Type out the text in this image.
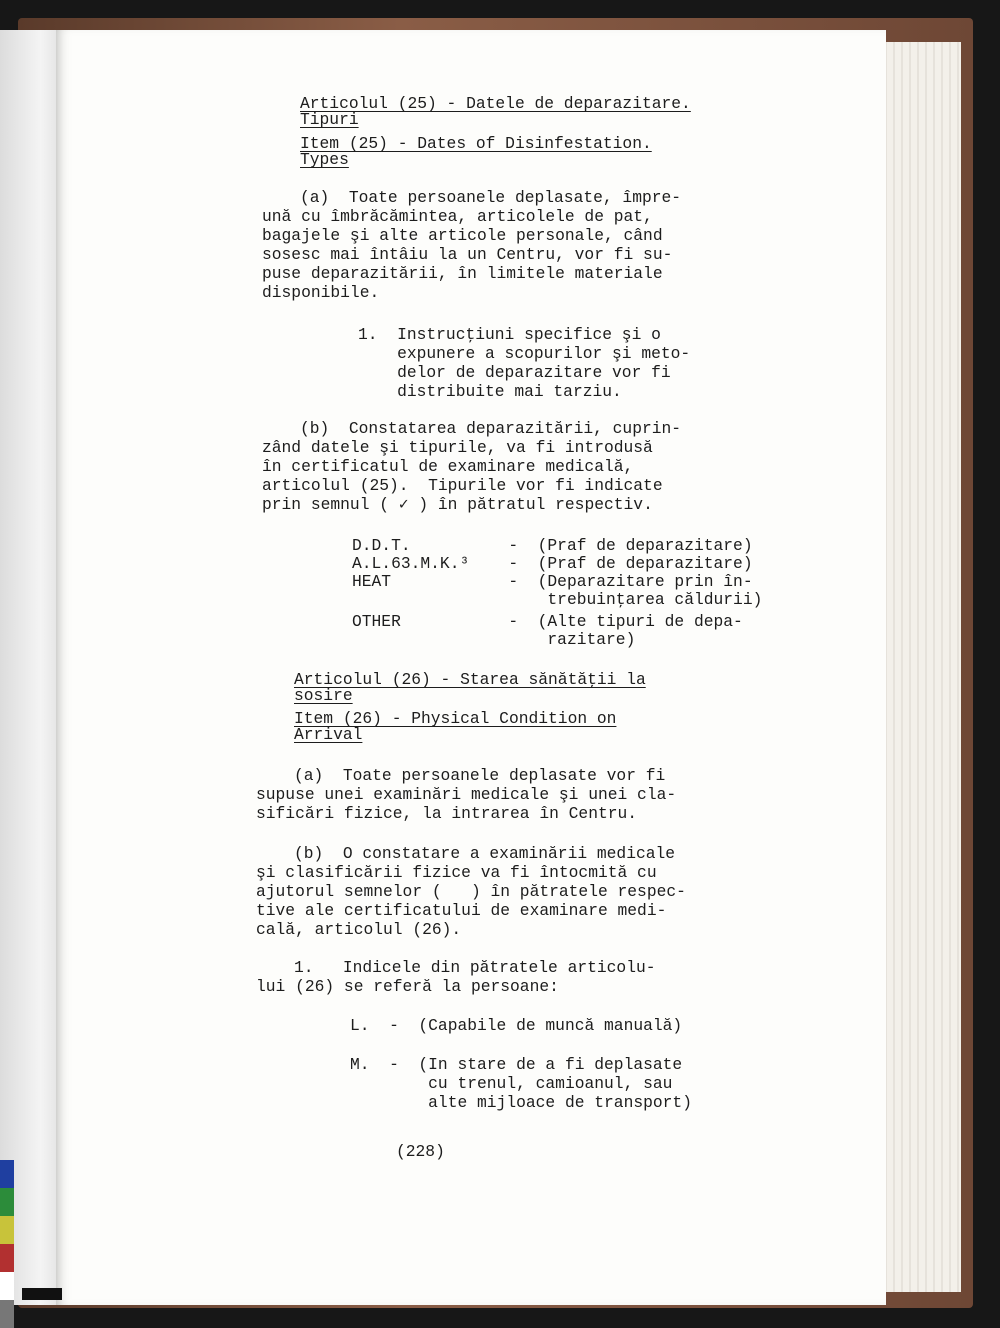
Articolul (25) - Datele de deparazitare.
Tipuri
Item (25) - Dates of Disinfestation.
Types
(a)  Toate persoanele deplasate, împre-
ună cu îmbrăcămintea, articolele de pat,
bagajele şi alte articole personale, când
sosesc mai întâiu la un Centru, vor fi su-
puse deparazitării, în limitele materiale
disponibile.
1.  Instrucţiuni specifice şi o
expunere a scopurilor şi meto-
delor de deparazitare vor fi
distribuite mai tarziu.
(b)  Constatarea deparazitării, cuprin-
zând datele şi tipurile, va fi introdusă
în certificatul de examinare medicală,
articolul (25).  Tipurile vor fi indicate
prin semnul ( ✓ ) în pătratul respectiv.
D.D.T.          -  (Praf de deparazitare)
A.L.63.M.K.³    -  (Praf de deparazitare)
HEAT            -  (Deparazitare prin în-
trebuinţarea căldurii)
OTHER           -  (Alte tipuri de depa-
razitare)
Articolul (26) - Starea sănătăţii la
sosire
Item (26) - Physical Condition on
Arrival
(a)  Toate persoanele deplasate vor fi
supuse unei examinări medicale şi unei cla-
sificări fizice, la intrarea în Centru.
(b)  O constatare a examinării medicale
şi clasificării fizice va fi întocmită cu
ajutorul semnelor (   ) în pătratele respec-
tive ale certificatului de examinare medi-
cală, articolul (26).
1.   Indicele din pătratele articolu-
lui (26) se referă la persoane:
L.  -  (Capabile de muncă manuală)
M.  -  (In stare de a fi deplasate
cu trenul, camioanul, sau
alte mijloace de transport)
(228)
